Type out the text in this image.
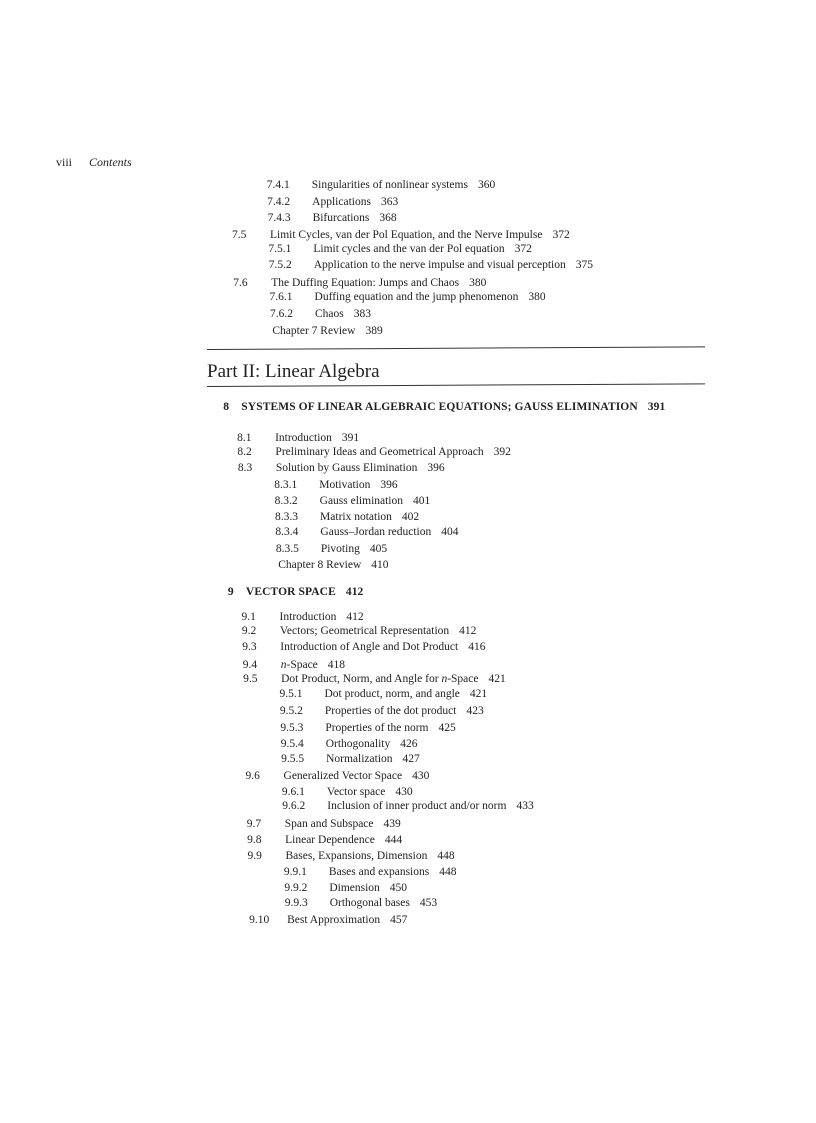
viii Contents
Part II: Linear Algebra
7.4.1 Singularities of nonlinear systems 360
7.4.2 Applications 363
7.4.3 Bifurcations 368
7.5 Limit Cycles, van der Pol Equation, and the Nerve Impulse 372
7.5.1 Limit cycles and the van der Pol equation 372
7.5.2 Application to the nerve impulse and visual perception 375
7.6 The Duffing Equation: Jumps and Chaos 380
7.6.1 Duffing equation and the jump phenomenon 380
7.6.2 Chaos 383
Chapter 7 Review 389
8 SYSTEMS OF LINEAR ALGEBRAIC EQUATIONS; GAUSS ELIMINATION 391
8.1 Introduction 391
8.2 Preliminary Ideas and Geometrical Approach 392
8.3 Solution by Gauss Elimination 396
8.3.1 Motivation 396
8.3.2 Gauss elimination 401
8.3.3 Matrix notation 402
8.3.4 Gauss–Jordan reduction 404
8.3.5 Pivoting 405
Chapter 8 Review 410
9 VECTOR SPACE 412
9.1 Introduction 412
9.2 Vectors; Geometrical Representation 412
9.3 Introduction of Angle and Dot Product 416
9.4 n-Space 418
9.5 Dot Product, Norm, and Angle for n-Space 421
9.5.1 Dot product, norm, and angle 421
9.5.2 Properties of the dot product 423
9.5.3 Properties of the norm 425
9.5.4 Orthogonality 426
9.5.5 Normalization 427
9.6 Generalized Vector Space 430
9.6.1 Vector space 430
9.6.2 Inclusion of inner product and/or norm 433
9.7 Span and Subspace 439
9.8 Linear Dependence 444
9.9 Bases, Expansions, Dimension 448
9.9.1 Bases and expansions 448
9.9.2 Dimension 450
9.9.3 Orthogonal bases 453
9.10 Best Approximation 457
